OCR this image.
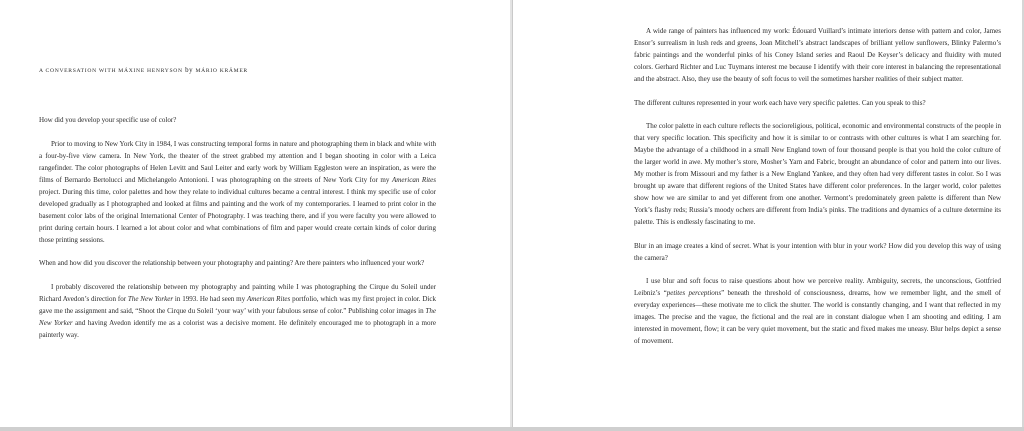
A CONVERSATION WITH MÁXINE HENRYSON by MÁRIO KRÄMER

How did you develop your specific use of color?

Prior to moving to New York City in 1984, I was constructing temporal forms in nature and photographing them in black and white with a four-by-five view camera. In New York, the theater of the street grabbed my attention and I began shooting in color with a Leica rangefinder. The color photographs of Helen Levitt and Saul Leiter and early work by William Eggleston were an inspiration, as were the films of Bernardo Bertolucci and Michelangelo Antonioni. I was photographing on the streets of New York City for my American Rites project. During this time, color palettes and how they relate to individual cultures became a central interest. I think my specific use of color developed gradually as I photographed and looked at films and painting and the work of my contemporaries. I learned to print color in the basement color labs of the original International Center of Photography. I was teaching there, and if you were faculty you were allowed to print during certain hours. I learned a lot about color and what combinations of film and paper would create certain kinds of color during those printing sessions.

When and how did you discover the relationship between your photography and painting? Are there painters who influenced your work?

I probably discovered the relationship between my photography and painting while I was photographing the Cirque du Soleil under Richard Avedon’s direction for The New Yorker in 1993. He had seen my American Rites portfolio, which was my first project in color. Dick gave me the assignment and said, “Shoot the Cirque du Soleil ‘your way’ with your fabulous sense of color.” Publishing color images in The New Yorker and having Avedon identify me as a colorist was a decisive moment. He definitely encouraged me to photograph in a more painterly way.

A wide range of painters has influenced my work: Édouard Vuillard’s intimate interiors dense with pattern and color, James Ensor’s surrealism in lush reds and greens, Joan Mitchell’s abstract landscapes of brilliant yellow sunflowers, Blinky Palermo’s fabric paintings and the wonderful pinks of his Coney Island series and Raoul De Keyser’s delicacy and fluidity with muted colors. Gerhard Richter and Luc Tuymans interest me because I identify with their core interest in balancing the representational and the abstract. Also, they use the beauty of soft focus to veil the sometimes harsher realities of their subject matter.

The different cultures represented in your work each have very specific palettes. Can you speak to this?

The color palette in each culture reflects the socioreligious, political, economic and environmental constructs of the people in that very specific location. This specificity and how it is similar to or contrasts with other cultures is what I am searching for. Maybe the advantage of a childhood in a small New England town of four thousand people is that you hold the color culture of the larger world in awe. My mother’s store, Mosher’s Yarn and Fabric, brought an abundance of color and pattern into our lives. My mother is from Missouri and my father is a New England Yankee, and they often had very different tastes in color. So I was brought up aware that different regions of the United States have different color preferences. In the larger world, color palettes show how we are similar to and yet different from one another. Vermont’s predominately green palette is different than New York’s flashy reds; Russia’s moody ochers are different from India’s pinks. The traditions and dynamics of a culture determine its palette. This is endlessly fascinating to me.

Blur in an image creates a kind of secret. What is your intention with blur in your work? How did you develop this way of using the camera?

I use blur and soft focus to raise questions about how we perceive reality. Ambiguity, secrets, the unconscious, Gottfried Leibniz’s “petites perceptions” beneath the threshold of consciousness, dreams, how we remember light, and the smell of everyday experiences—these motivate me to click the shutter. The world is constantly changing, and I want that reflected in my images. The precise and the vague, the fictional and the real are in constant dialogue when I am shooting and editing. I am interested in movement, flow; it can be very quiet movement, but the static and fixed makes me uneasy. Blur helps depict a sense of movement.
